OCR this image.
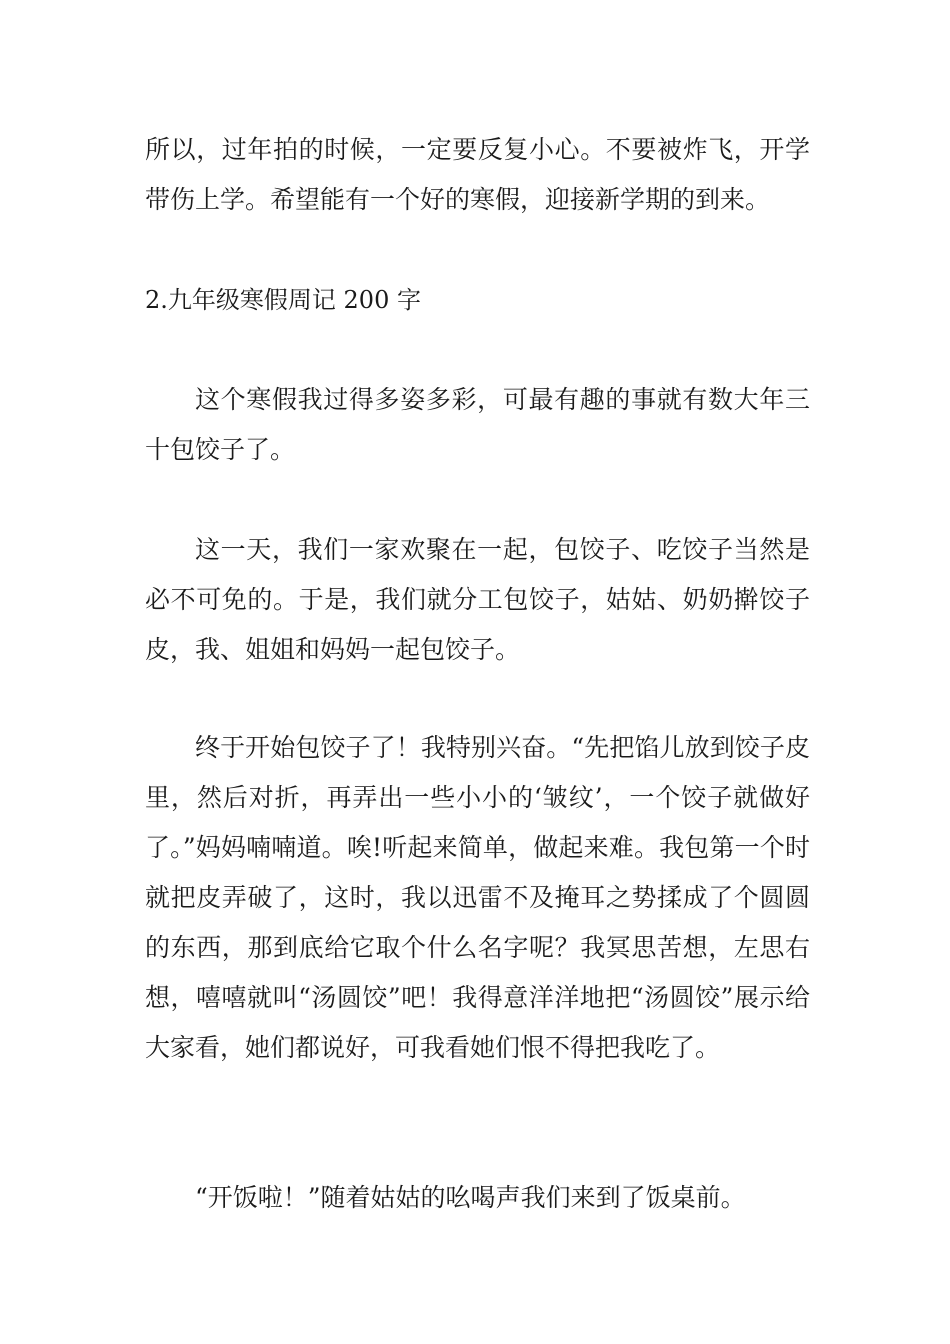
所以，过年拍的时候，一定要反复小心。不要被炸飞，开学带伤上学。希望能有一个好的寒假，迎接新学期的到来。
2.九年级寒假周记 200 字
这个寒假我过得多姿多彩，可最有趣的事就有数大年三十包饺子了。
这一天，我们一家欢聚在一起，包饺子、吃饺子当然是必不可免的。于是，我们就分工包饺子，姑姑、奶奶擀饺子皮，我、姐姐和妈妈一起包饺子。
终于开始包饺子了！我特别兴奋。“先把馅儿放到饺子皮里，然后对折，再弄出一些小小的‘皱纹’，一个饺子就做好了。”妈妈喃喃道。唉!听起来简单，做起来难。我包第一个时就把皮弄破了，这时，我以迅雷不及掩耳之势揉成了个圆圆的东西，那到底给它取个什么名字呢？我冥思苦想，左思右想，嘻嘻就叫“汤圆饺”吧！我得意洋洋地把“汤圆饺”展示给大家看，她们都说好，可我看她们恨不得把我吃了。
“开饭啦！”随着姑姑的吆喝声我们来到了饭桌前。
